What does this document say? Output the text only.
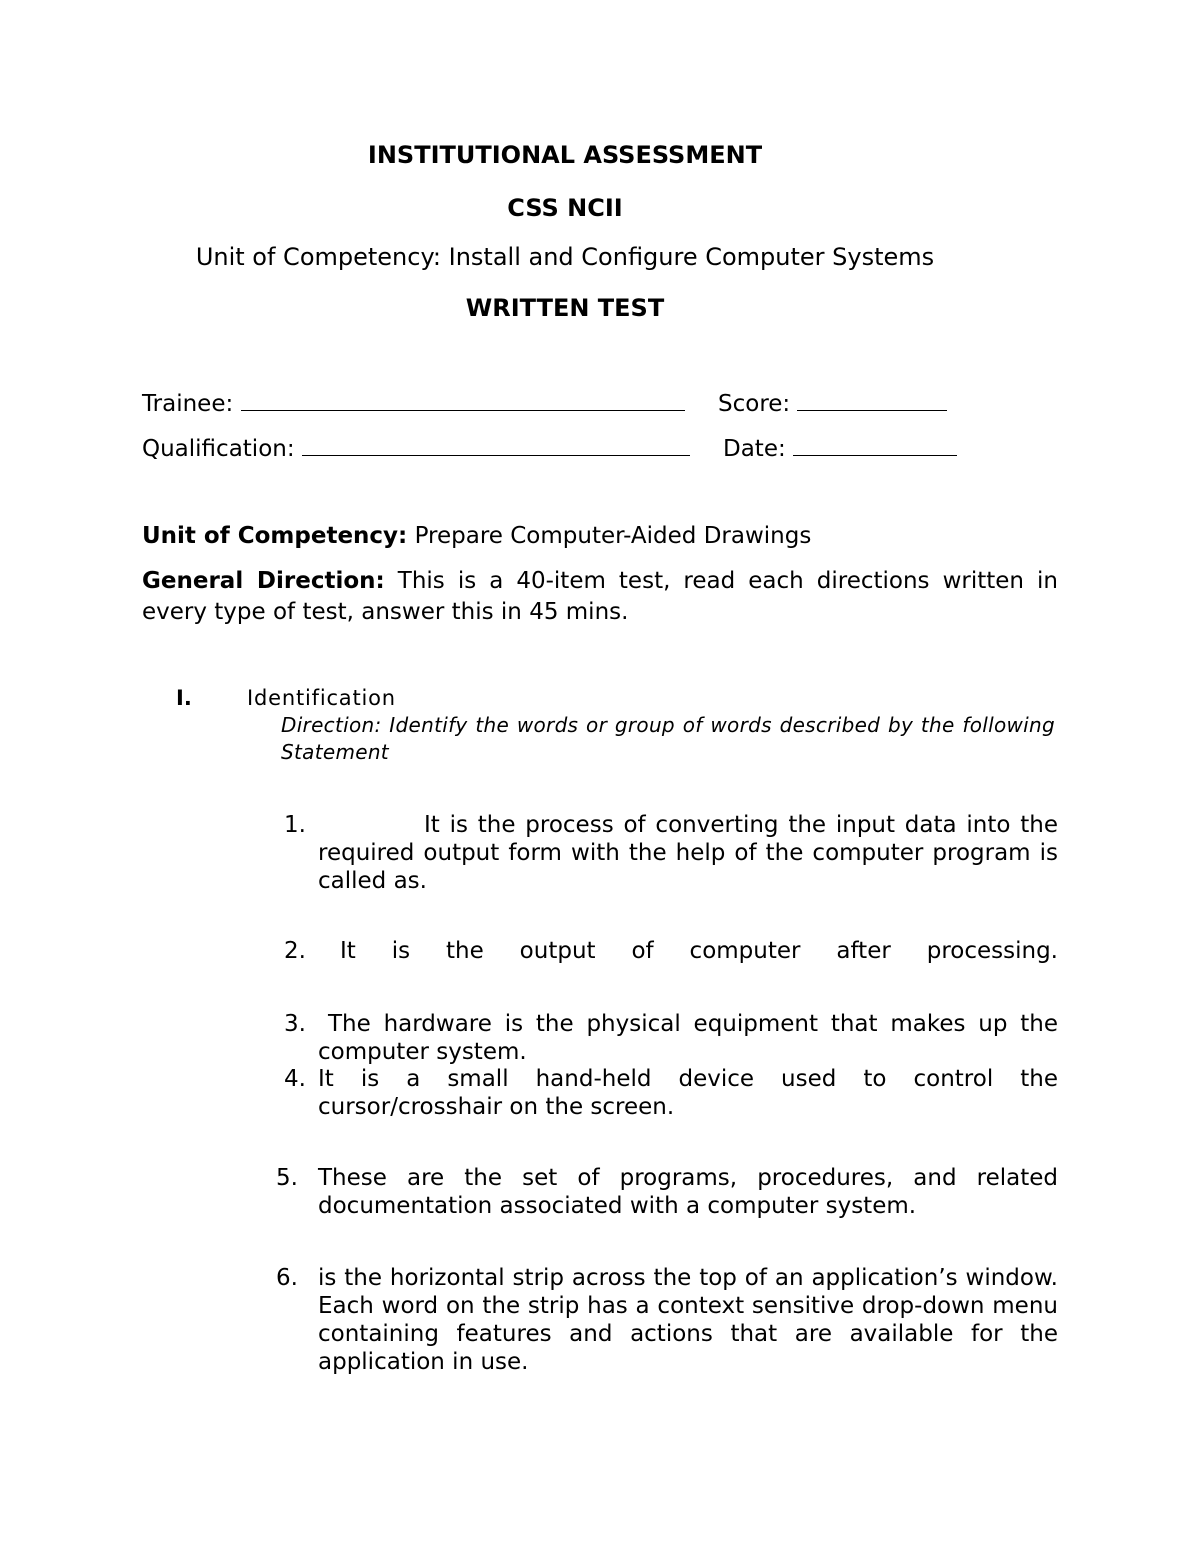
INSTITUTIONAL ASSESSMENT
CSS NCII
Unit of Competency: Install and Configure Computer Systems
WRITTEN TEST
Trainee:	Score:
Qualification:	Date:
Unit of Competency: Prepare Computer-Aided Drawings
General Direction: This is a 40-item test, read each directions written in every type of test, answer this in 45 mins.
I.	Identification
Direction: Identify the words or group of words described by the following Statement
1.	It is the process of converting the input data into the required output form with the help of the computer program is called as.
2. It is the output of computer after processing.
3. The hardware is the physical equipment that makes up the computer system.
4. It is a small hand-held device used to control the cursor/crosshair on the screen.
5. These are the set of programs, procedures, and related documentation associated with a computer system.
6. is the horizontal strip across the top of an application’s window. Each word on the strip has a context sensitive drop-down menu containing features and actions that are available for the application in use.
